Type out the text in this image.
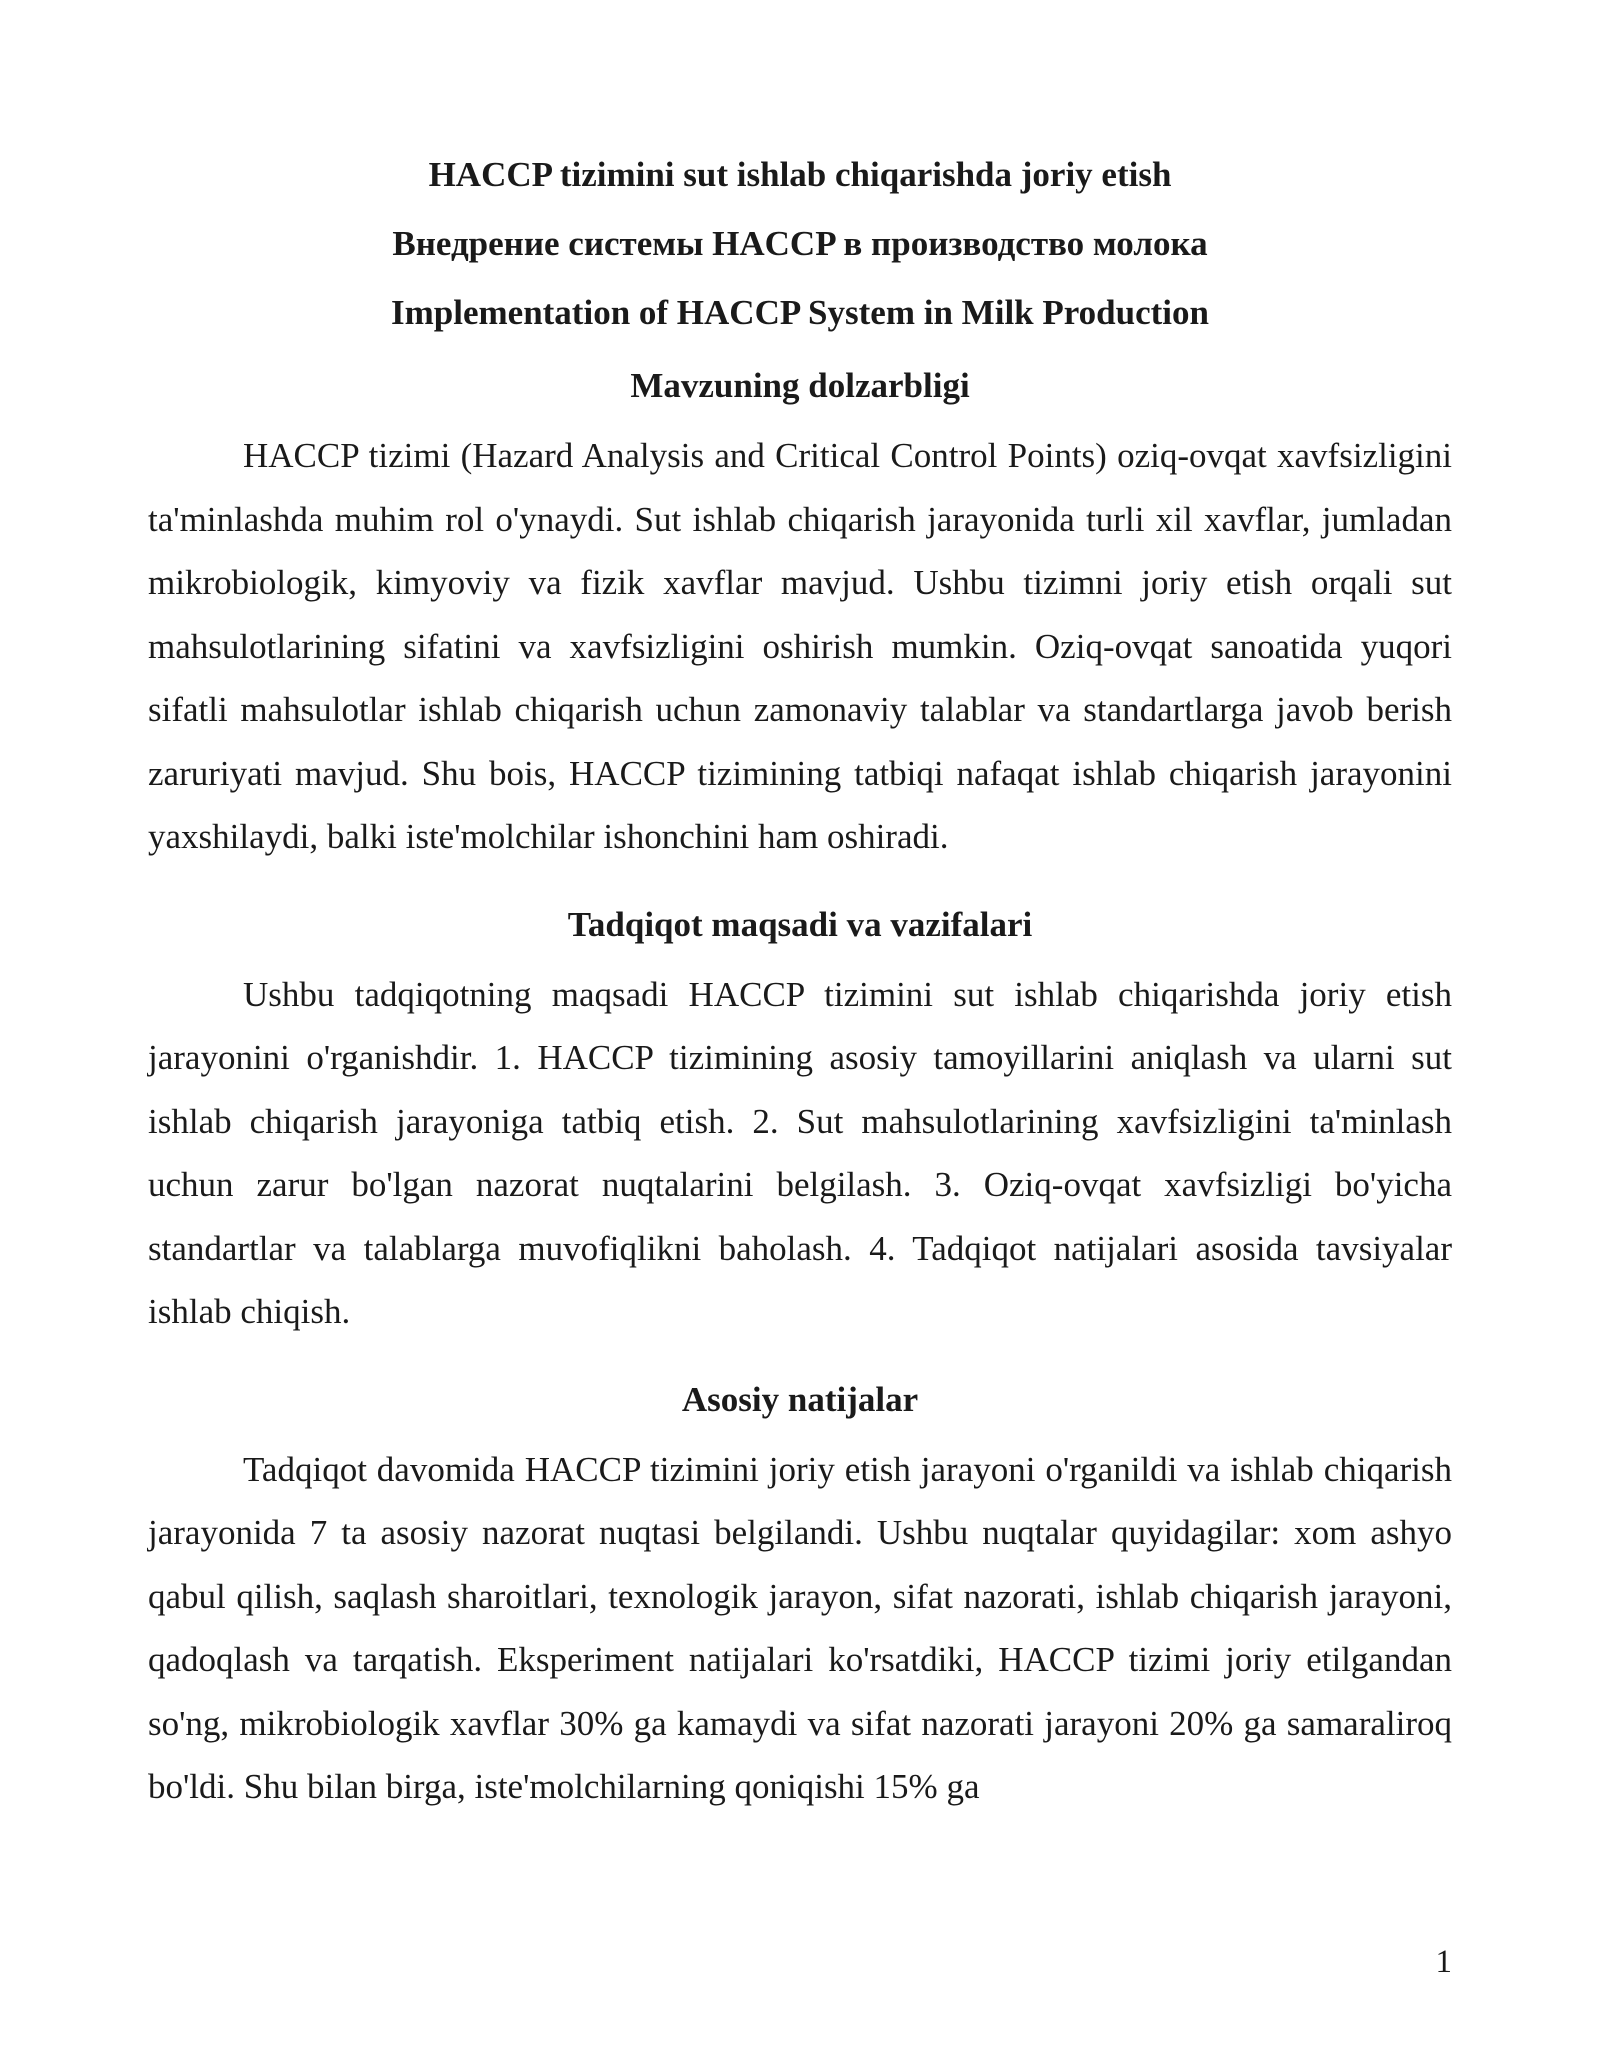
HACCP tizimini sut ishlab chiqarishda joriy etish
Внедрение системы HACCP в производство молока
Implementation of HACCP System in Milk Production
Mavzuning dolzarbligi

HACCP tizimi (Hazard Analysis and Critical Control Points) oziq-ovqat xavfsizligini ta'minlashda muhim rol o'ynaydi. Sut ishlab chiqarish jarayonida turli xil xavflar, jumladan mikrobiologik, kimyoviy va fizik xavflar mavjud. Ushbu tizimni joriy etish orqali sut mahsulotlarining sifatini va xavfsizligini oshirish mumkin. Oziq-ovqat sanoatida yuqori sifatli mahsulotlar ishlab chiqarish uchun zamonaviy talablar va standartlarga javob berish zaruriyati mavjud. Shu bois, HACCP tizimining tatbiqi nafaqat ishlab chiqarish jarayonini yaxshilaydi, balki iste'molchilar ishonchini ham oshiradi.

Tadqiqot maqsadi va vazifalari

Ushbu tadqiqotning maqsadi HACCP tizimini sut ishlab chiqarishda joriy etish jarayonini o'rganishdir. 1. HACCP tizimining asosiy tamoyillarini aniqlash va ularni sut ishlab chiqarish jarayoniga tatbiq etish. 2. Sut mahsulotlarining xavfsizligini ta'minlash uchun zarur bo'lgan nazorat nuqtalarini belgilash. 3. Oziq-ovqat xavfsizligi bo'yicha standartlar va talablarga muvofiqlikni baholash. 4. Tadqiqot natijalari asosida tavsiyalar ishlab chiqish.

Asosiy natijalar

Tadqiqot davomida HACCP tizimini joriy etish jarayoni o'rganildi va ishlab chiqarish jarayonida 7 ta asosiy nazorat nuqtasi belgilandi. Ushbu nuqtalar quyidagilar: xom ashyo qabul qilish, saqlash sharoitlari, texnologik jarayon, sifat nazorati, ishlab chiqarish jarayoni, qadoqlash va tarqatish. Eksperiment natijalari ko'rsatdiki, HACCP tizimi joriy etilgandan so'ng, mikrobiologik xavflar 30% ga kamaydi va sifat nazorati jarayoni 20% ga samaraliroq bo'ldi. Shu bilan birga, iste'molchilarning qoniqishi 15% ga

1
